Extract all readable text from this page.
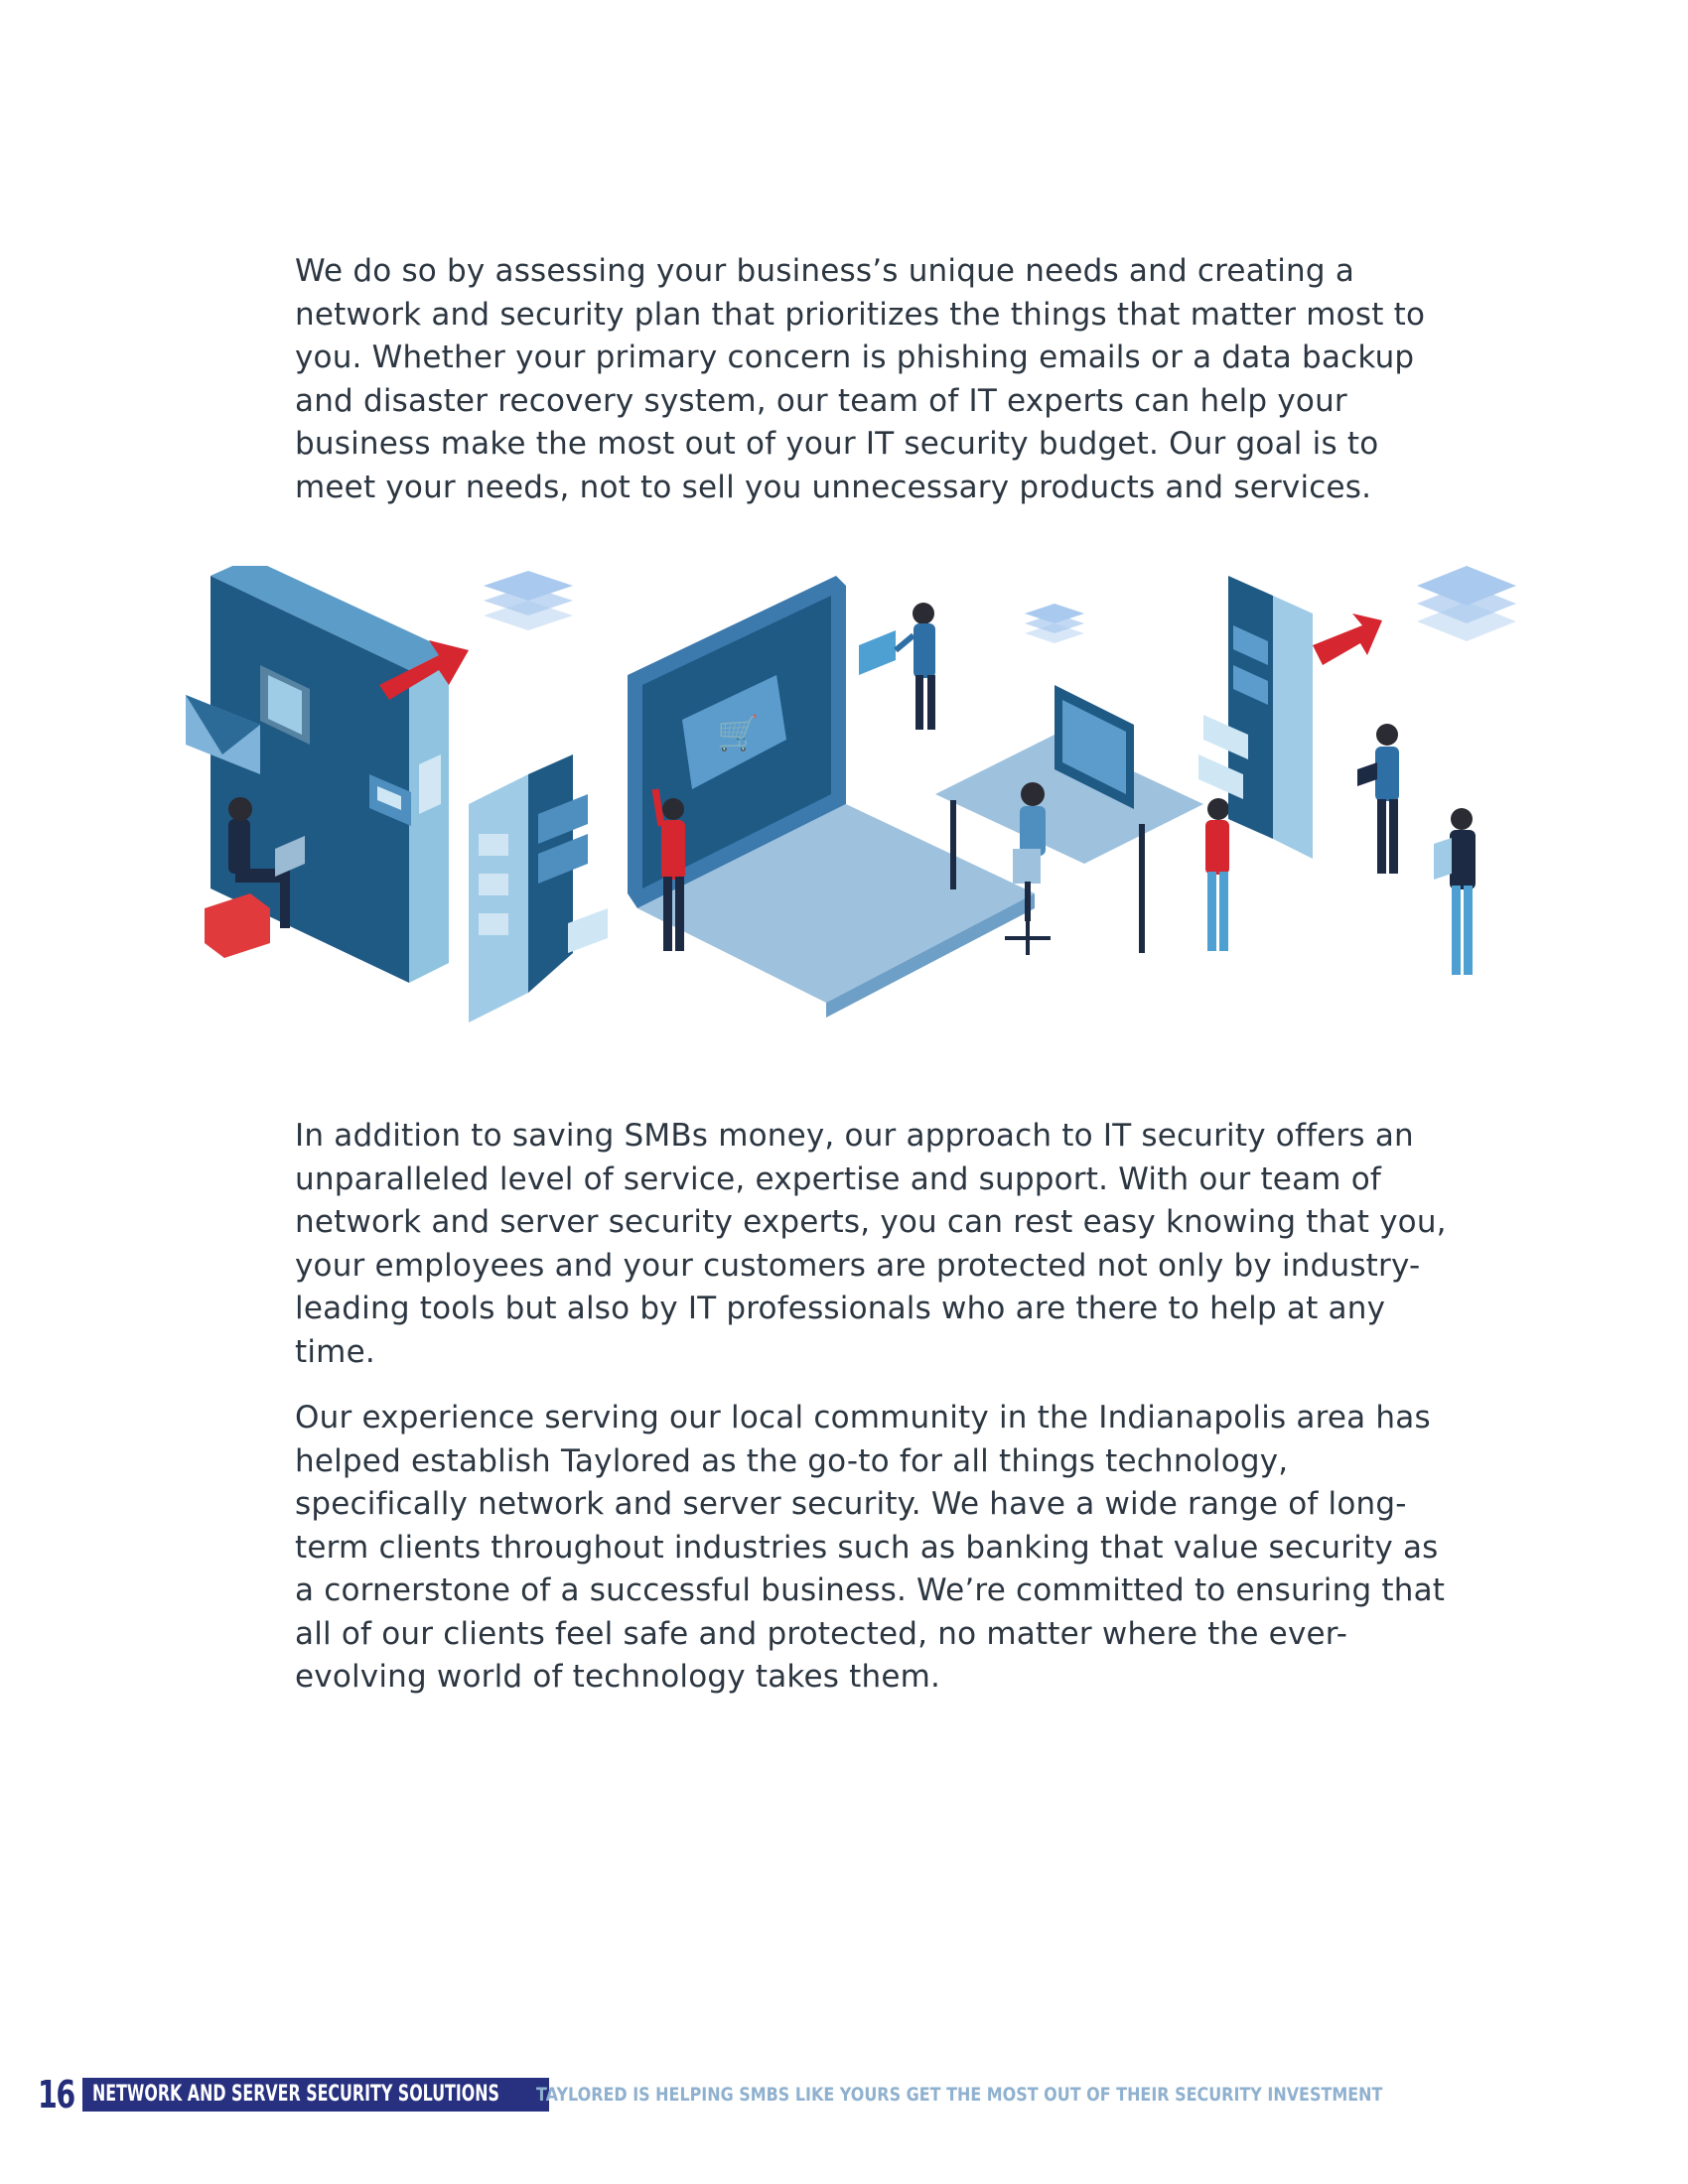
We do so by assessing your business’s unique needs and creating a network and security plan that prioritizes the things that matter most to you. Whether your primary concern is phishing emails or a data backup and disaster recovery system, our team of IT experts can help your business make the most out of your IT security budget. Our goal is to meet your needs, not to sell you unnecessary products and services.

🛒

In addition to saving SMBs money, our approach to IT security offers an unparalleled level of service, expertise and support. With our team of network and server security experts, you can rest easy knowing that you, your employees and your customers are protected not only by industry-leading tools but also by IT professionals who are there to help at any time.

Our experience serving our local community in the Indianapolis area has helped establish Taylored as the go-to for all things technology, specifically network and server security. We have a wide range of long-term clients throughout industries such as banking that value security as a cornerstone of a successful business. We’re committed to ensuring that all of our clients feel safe and protected, no matter where the ever-evolving world of technology takes them.

16 NETWORK AND SERVER SECURITY SOLUTIONS	TAYLORED IS HELPING SMBS LIKE YOURS GET THE MOST OUT OF THEIR SECURITY INVESTMENT
